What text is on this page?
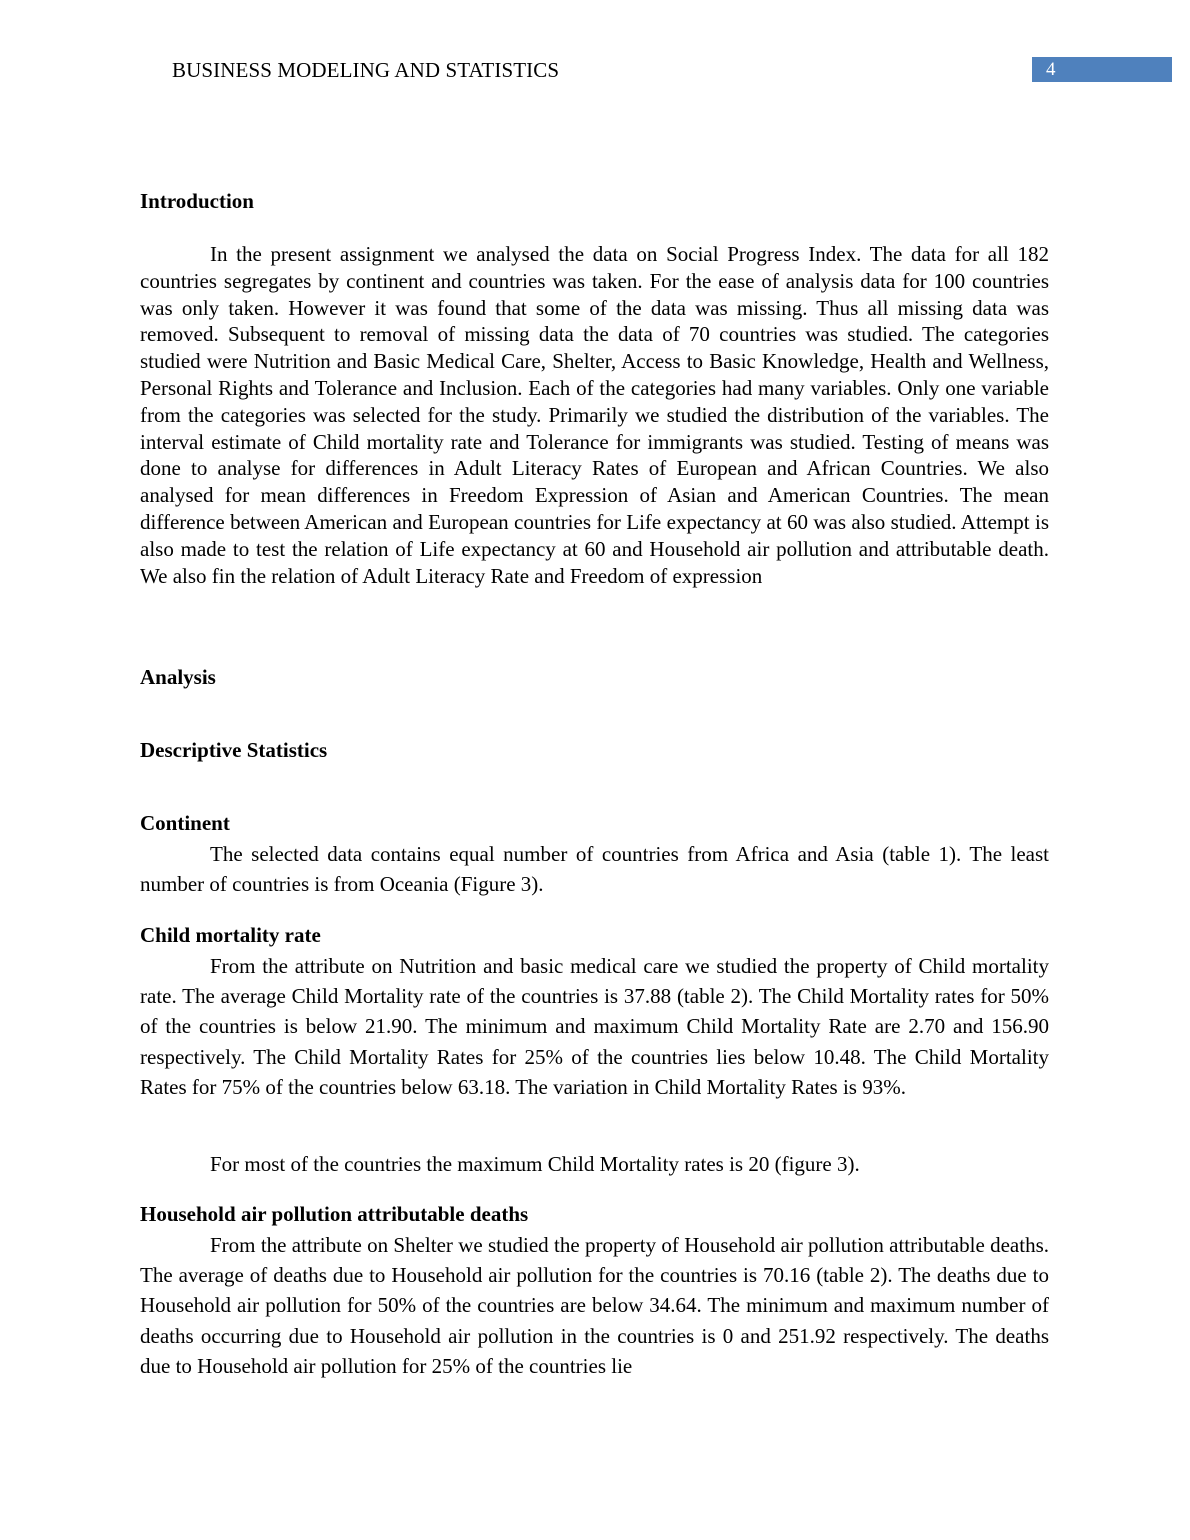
BUSINESS MODELING AND STATISTICS	4
Introduction
In the present assignment we analysed the data on Social Progress Index. The data for all 182 countries segregates by continent and countries was taken. For the ease of analysis data for 100 countries was only taken. However it was found that some of the data was missing. Thus all missing data was removed. Subsequent to removal of missing data the data of 70 countries was studied. The categories studied were Nutrition and Basic Medical Care, Shelter, Access to Basic Knowledge, Health and Wellness, Personal Rights and Tolerance and Inclusion. Each of the categories had many variables. Only one variable from the categories was selected for the study. Primarily we studied the distribution of the variables. The interval estimate of Child mortality rate and Tolerance for immigrants was studied. Testing of means was done to analyse for differences in Adult Literacy Rates of European and African Countries. We also analysed for mean differences in Freedom Expression of Asian and American Countries. The mean difference between American and European countries for Life expectancy at 60 was also studied. Attempt is also made to test the relation of Life expectancy at 60 and Household air pollution and attributable death. We also fin the relation of Adult Literacy Rate and Freedom of expression
Analysis
Descriptive Statistics
Continent
The selected data contains equal number of countries from Africa and Asia (table 1). The least number of countries is from Oceania (Figure 3).
Child mortality rate
From the attribute on Nutrition and basic medical care we studied the property of Child mortality rate. The average Child Mortality rate of the countries is 37.88 (table 2). The Child Mortality rates for 50% of the countries is below 21.90. The minimum and maximum Child Mortality Rate are 2.70 and 156.90 respectively. The Child Mortality Rates for 25% of the countries lies below 10.48. The Child Mortality Rates for 75% of the countries below 63.18. The variation in Child Mortality Rates is 93%.
For most of the countries the maximum Child Mortality rates is 20 (figure 3).
Household air pollution attributable deaths
From the attribute on Shelter we studied the property of Household air pollution attributable deaths. The average of deaths due to Household air pollution for the countries is 70.16 (table 2). The deaths due to Household air pollution for 50% of the countries are below 34.64. The minimum and maximum number of deaths occurring due to Household air pollution in the countries is 0 and 251.92 respectively. The deaths due to Household air pollution for 25% of the countries lie
